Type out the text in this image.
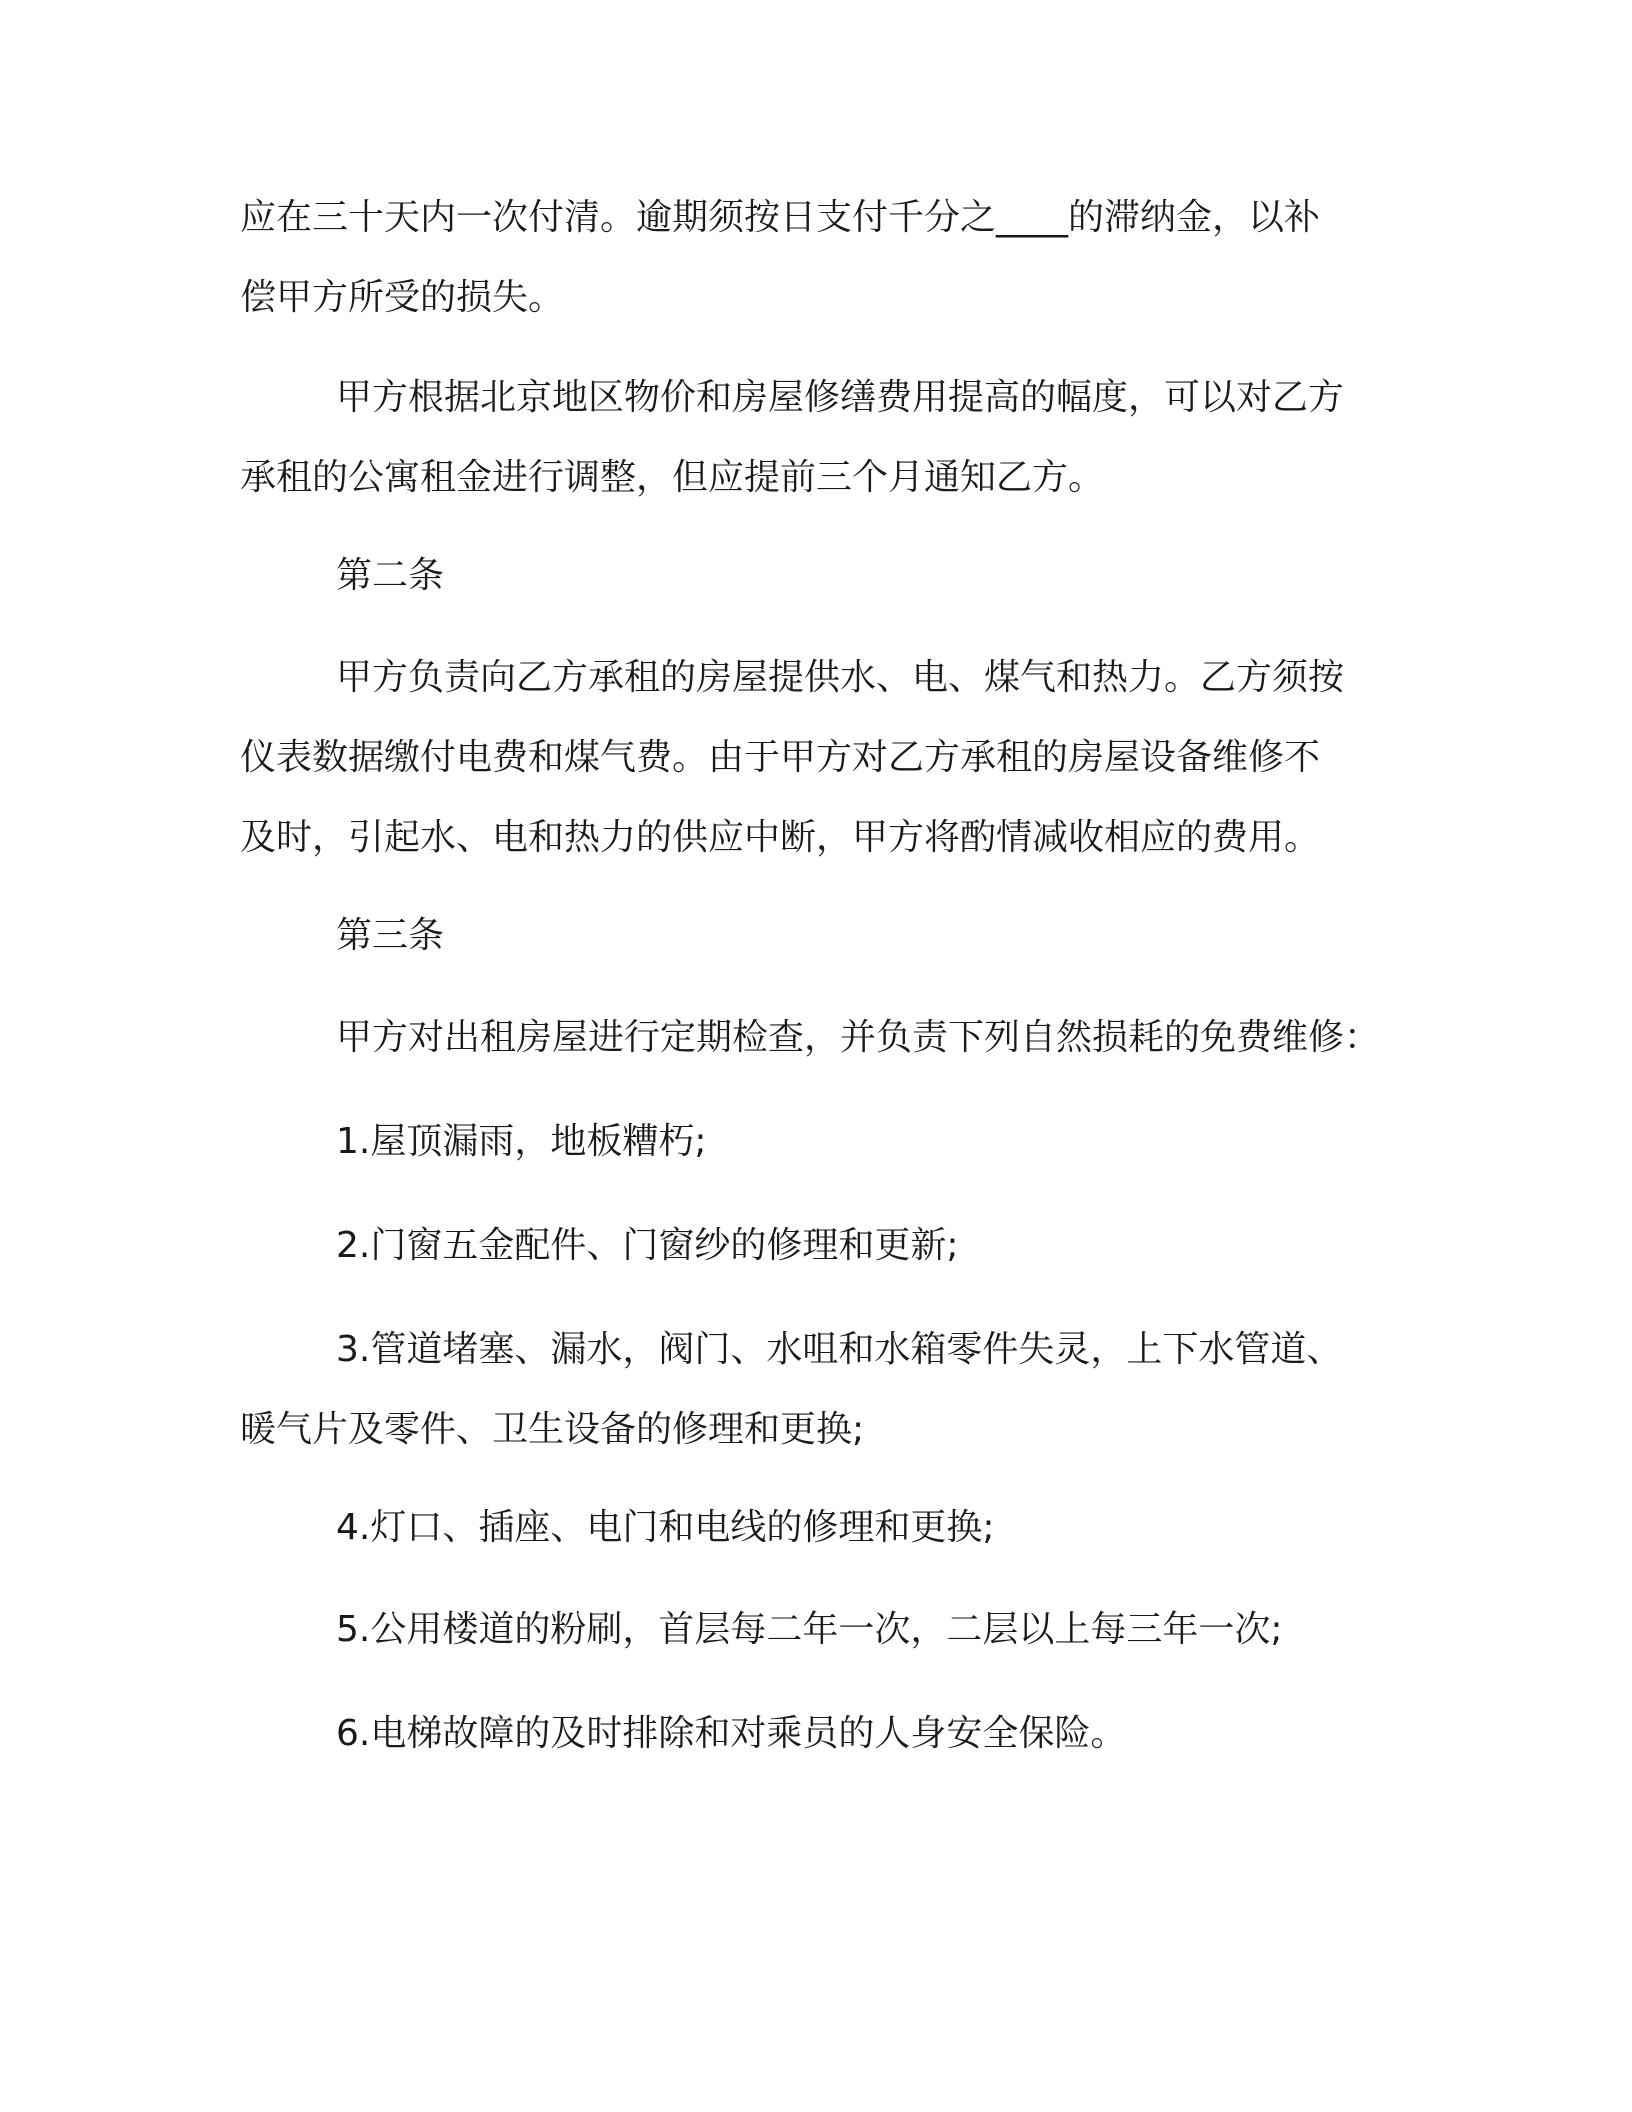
应在三十天内一次付清。逾期须按日支付千分之____的滞纳金，以补
偿甲方所受的损失。

甲方根据北京地区物价和房屋修缮费用提高的幅度，可以对乙方
承租的公寓租金进行调整，但应提前三个月通知乙方。

第二条

甲方负责向乙方承租的房屋提供水、电、煤气和热力。乙方须按
仪表数据缴付电费和煤气费。由于甲方对乙方承租的房屋设备维修不
及时，引起水、电和热力的供应中断，甲方将酌情减收相应的费用。

第三条

甲方对出租房屋进行定期检查，并负责下列自然损耗的免费维修：

1.屋顶漏雨，地板糟朽;

2.门窗五金配件、门窗纱的修理和更新;

3.管道堵塞、漏水，阀门、水咀和水箱零件失灵，上下水管道、
暖气片及零件、卫生设备的修理和更换;

4.灯口、插座、电门和电线的修理和更换;

5.公用楼道的粉刷，首层每二年一次，二层以上每三年一次;

6.电梯故障的及时排除和对乘员的人身安全保险。
